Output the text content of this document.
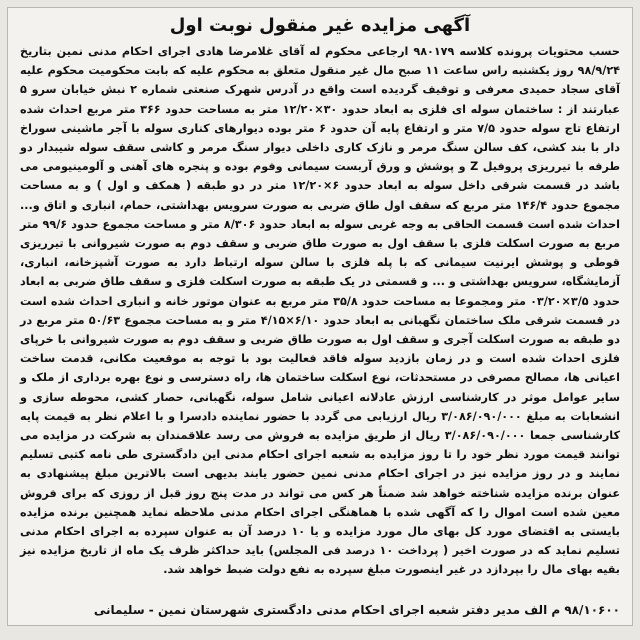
آگهی مزایده غیر منقول نوبت اول

حسب محتویات پرونده کلاسه ۹۸۰۱۷۹ ارجاعی محکوم له آقای غلامرضا هادی اجرای احکام مدنی نمین بتاریخ ۹۸/۹/۲۴ روز یکشنبه راس ساعت ۱۱ صبح مال غیر منقول متعلق به محکوم علیه که بابت محکومیت محکوم علیه آقای سجاد حمیدی معرفی و توقیف گردیده است واقع در آدرس شهرک صنعتی شماره ۲ نبش خیابان سرو ۵ عبارتند از : ساختمان سوله ای فلزی به ابعاد حدود ۳۰×۱۲/۲۰ متر به مساحت حدود ۳۶۶ متر مربع احداث شده ارتفاع تاج سوله حدود ۷/۵ متر و ارتفاع پایه آن حدود ۶ متر بوده دیوارهای کناری سوله با آجر ماشینی سوراخ دار با بند کشی، کف سالن سنگ مرمر و نازک کاری داخلی دیوار سنگ مرمر و کاشی سقف سوله شیبدار دو طرفه با تیرریزی پروفیل Z و پوشش و ورق آربست سیمانی وفوم بوده و پنجره های آهنی و آلومینیومی می باشد در قسمت شرقی داخل سوله به ابعاد حدود ۶×۱۲/۲۰ متر در دو طبقه ( همکف و اول ) و به مساحت مجموع حدود ۱۴۶/۴ متر مربع که سقف اول طاق ضربی به صورت سرویس بهداشتی، حمام، انباری و اتاق و... احداث شده است قسمت الحاقی به وجه غربی سوله به ابعاد حدود ۸/۳۰۶ متر و مساحت مجموع حدود ۹۹/۶ متر مربع به صورت اسکلت فلزی با سقف اول به صورت طاق ضربی و سقف دوم به صورت شیروانی با تیرریزی قوطی و پوشش ایرنیت سیمانی که با پله فلزی با سالن سوله ارتباط دارد به صورت آشپزخانه، انباری، آزمایشگاه، سرویس بهداشتی و ... و قسمتی در یک طبقه به صورت اسکلت فلزی و سقف طاق ضربی به ابعاد حدود ۳/۵×۰۳/۲۰ متر ومجموعا به مساحت حدود ۳۵/۸ متر مربع به عنوان موتور خانه و انباری احداث شده است در قسمت شرقی ملک ساختمان نگهبانی به ابعاد حدود ۶/۱۰×۴/۱۵ متر و به مساحت مجموع ۵۰/۶۳ متر مربع در دو طبقه به صورت اسکلت آجری و سقف اول به صورت طاق ضربی و سقف دوم به صورت شیروانی با خرپای فلزی احداث شده است و در زمان بازدید سوله فاقد فعالیت بود با توجه به موقعیت مکانی، قدمت ساخت اعیانی ها، مصالح مصرفی در مستحدثات، نوع اسکلت ساختمان ها، راه دسترسی و نوع بهره برداری از ملک و سایر عوامل موثر در کارشناسی ارزش عادلانه اعیانی شامل سوله، نگهبانی، حصار کشی، محوطه سازی و انشعابات به مبلغ ۳/۰۸۶/۰۹۰/۰۰۰ ریال ارزیابی می گردد با حضور نماینده دادسرا و با اعلام نظر به قیمت پایه کارشناسی جمعا ۳/۰۸۶/۰۹۰/۰۰۰ ریال از طریق مزایده به فروش می رسد علاقمندان به شرکت در مزایده می توانند قیمت مورد نظر خود را تا روز مزایده به شعبه اجرای احکام مدنی این دادگستری طی نامه کتبی تسلیم نمایند و در روز مزایده نیز در اجرای احکام مدنی نمین حضور یابند بدیهی است بالاترین مبلغ پیشنهادی به عنوان برنده مزایده شناخته خواهد شد ضمناً هر کس می تواند در مدت پنج روز قبل از روزی که برای فروش معین شده است اموال را که آگهی شده با هماهنگی اجرای احکام مدنی ملاحظه نماید همچنین برنده مزایده بایستی به اقتضای مورد کل بهای مال مورد مزایده و یا ۱۰ درصد آن به عنوان سپرده به اجرای احکام مدنی تسلیم نماید که در صورت اخیر ( پرداخت ۱۰ درصد فی المجلس) باید حداکثر ظرف یک ماه از تاریخ مزایده نیز بقیه بهای مال را بپردازد در غیر اینصورت مبلغ سپرده به نفع دولت ضبط خواهد شد.

۹۸/۱۰۶۰۰ م الف مدیر دفتر شعبه اجرای احکام مدنی دادگستری شهرستان نمین - سلیمانی
